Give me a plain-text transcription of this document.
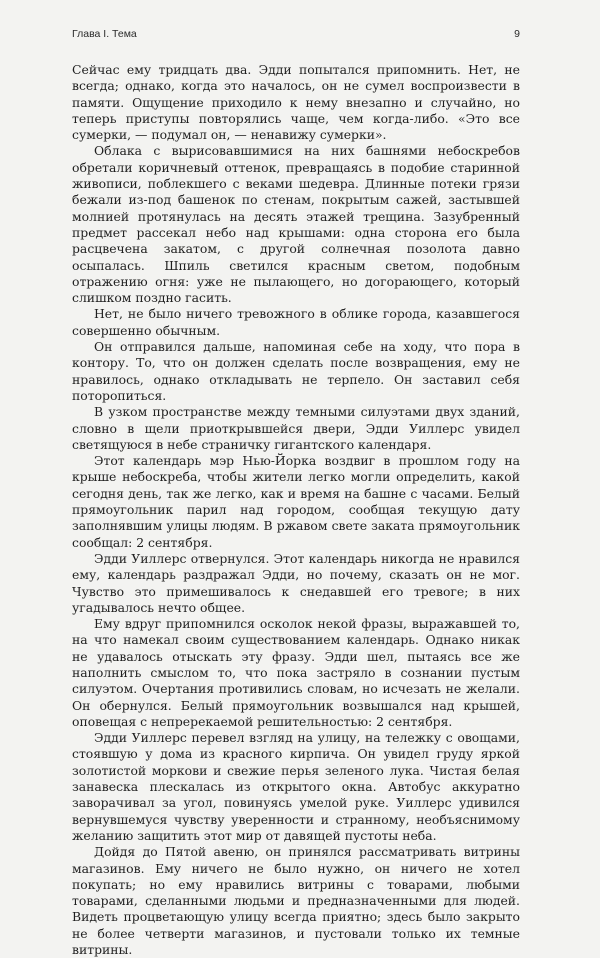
Глава I. Тема	9

Сейчас ему тридцать два. Эдди попытался припомнить. Нет, не всегда; однако, когда это началось, он не сумел воспроизвести в памяти. Ощущение приходило к нему внезапно и случайно, но теперь приступы повторялись чаще, чем когда-либо. «Это все сумерки, — подумал он, — ненавижу сумерки».

Облака с вырисовавшимися на них башнями небоскребов обретали коричневый оттенок, превращаясь в подобие старинной живописи, поблекшего с веками шедевра. Длинные потеки грязи бежали из-под башенок по стенам, покрытым сажей, застывшей молнией протянулась на десять этажей трещина. Зазубренный предмет рассекал небо над крышами: одна сторона его была расцвечена закатом, с другой солнечная позолота давно осыпалась. Шпиль светился красным светом, подобным отражению огня: уже не пылающего, но догорающего, который слишком поздно гасить.

Нет, не было ничего тревожного в облике города, казавшегося совершенно обычным.

Он отправился дальше, напоминая себе на ходу, что пора в контору. То, что он должен сделать после возвращения, ему не нравилось, однако откладывать не терпело. Он заставил себя поторопиться.

В узком пространстве между темными силуэтами двух зданий, словно в щели приоткрывшейся двери, Эдди Уиллерс увидел светящуюся в небе страничку гигантского календаря.

Этот календарь мэр Нью-Йорка воздвиг в прошлом году на крыше небоскреба, чтобы жители легко могли определить, какой сегодня день, так же легко, как и время на башне с часами. Белый прямоугольник парил над городом, сообщая текущую дату заполнявшим улицы людям. В ржавом свете заката прямоугольник сообщал: 2 сентября.

Эдди Уиллерс отвернулся. Этот календарь никогда не нравился ему, календарь раздражал Эдди, но почему, сказать он не мог. Чувство это примешивалось к снедавшей его тревоге; в них угадывалось нечто общее.

Ему вдруг припомнился осколок некой фразы, выражавшей то, на что намекал своим существованием календарь. Однако никак не удавалось отыскать эту фразу. Эдди шел, пытаясь все же наполнить смыслом то, что пока застряло в сознании пустым силуэтом. Очертания противились словам, но исчезать не желали. Он обернулся. Белый прямоугольник возвышался над крышей, оповещая с непререкаемой решительностью: 2 сентября.

Эдди Уиллерс перевел взгляд на улицу, на тележку с овощами, стоявшую у дома из красного кирпича. Он увидел груду яркой золотистой моркови и свежие перья зеленого лука. Чистая белая занавеска плескалась из открытого окна. Автобус аккуратно заворачивал за угол, повинуясь умелой руке. Уиллерс удивился вернувшемуся чувству уверенности и странному, необъяснимому желанию защитить этот мир от давящей пустоты неба.

Дойдя до Пятой авеню, он принялся рассматривать витрины магазинов. Ему ничего не было нужно, он ничего не хотел покупать; но ему нравились витрины с товарами, любыми товарами, сделанными людьми и предназначенными для людей. Видеть процветающую улицу всегда приятно; здесь было закрыто не более четверти магазинов, и пустовали только их темные витрины.
